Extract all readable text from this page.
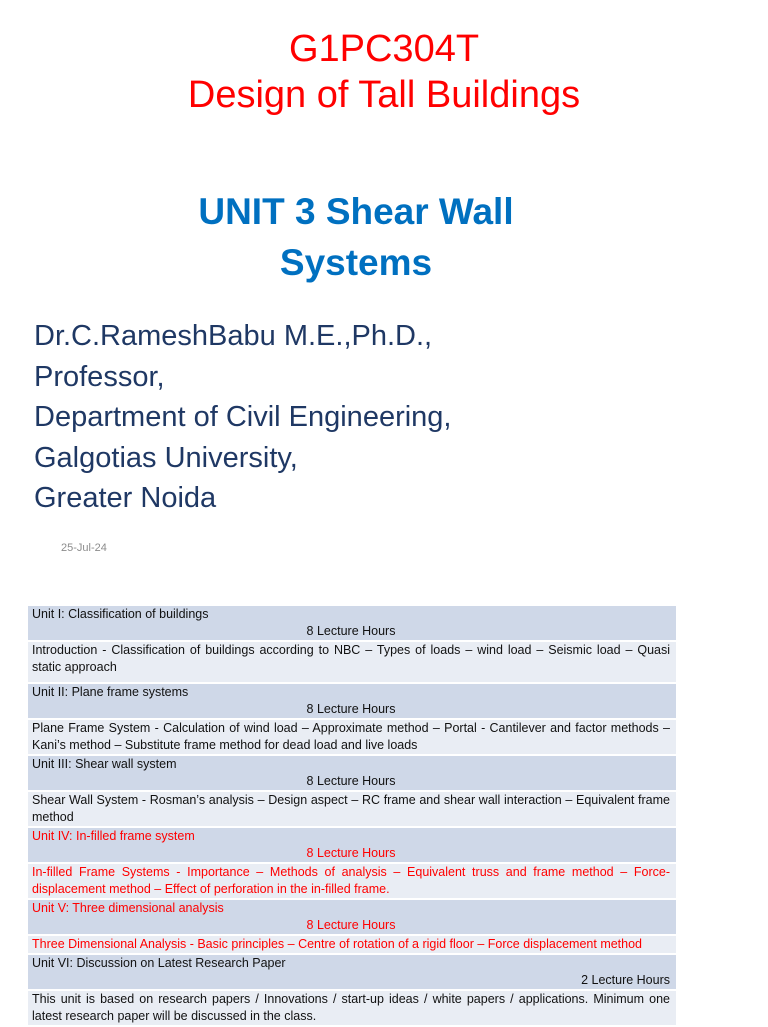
G1PC304T
Design of Tall Buildings
UNIT 3 Shear Wall
Systems
Dr.C.RameshBabu M.E.,Ph.D.,
Professor,
Department of Civil Engineering,
Galgotias University,
Greater Noida
25-Jul-24
Unit I: Classification of buildings
8 Lecture Hours

Introduction - Classification of buildings according to NBC – Types of loads – wind load – Seismic load – Quasi static approach

Unit II: Plane frame systems
8 Lecture Hours

Plane Frame System - Calculation of wind load – Approximate method – Portal - Cantilever and factor methods – Kani’s method – Substitute frame method for dead load and live loads

Unit III: Shear wall system
8 Lecture Hours

Shear Wall System - Rosman’s analysis – Design aspect – RC frame and shear wall interaction – Equivalent frame method

Unit IV: In-filled frame system
8 Lecture Hours

In-filled Frame Systems - Importance – Methods of analysis – Equivalent truss and frame method – Force-displacement method – Effect of perforation in the in-filled frame.

Unit V: Three dimensional analysis
8 Lecture Hours

Three Dimensional Analysis - Basic principles – Centre of rotation of a rigid floor – Force displacement method

Unit VI: Discussion on Latest Research Paper
2 Lecture Hours

This unit is based on research papers / Innovations / start-up ideas / white papers / applications. Minimum one latest research paper will be discussed in the class.
